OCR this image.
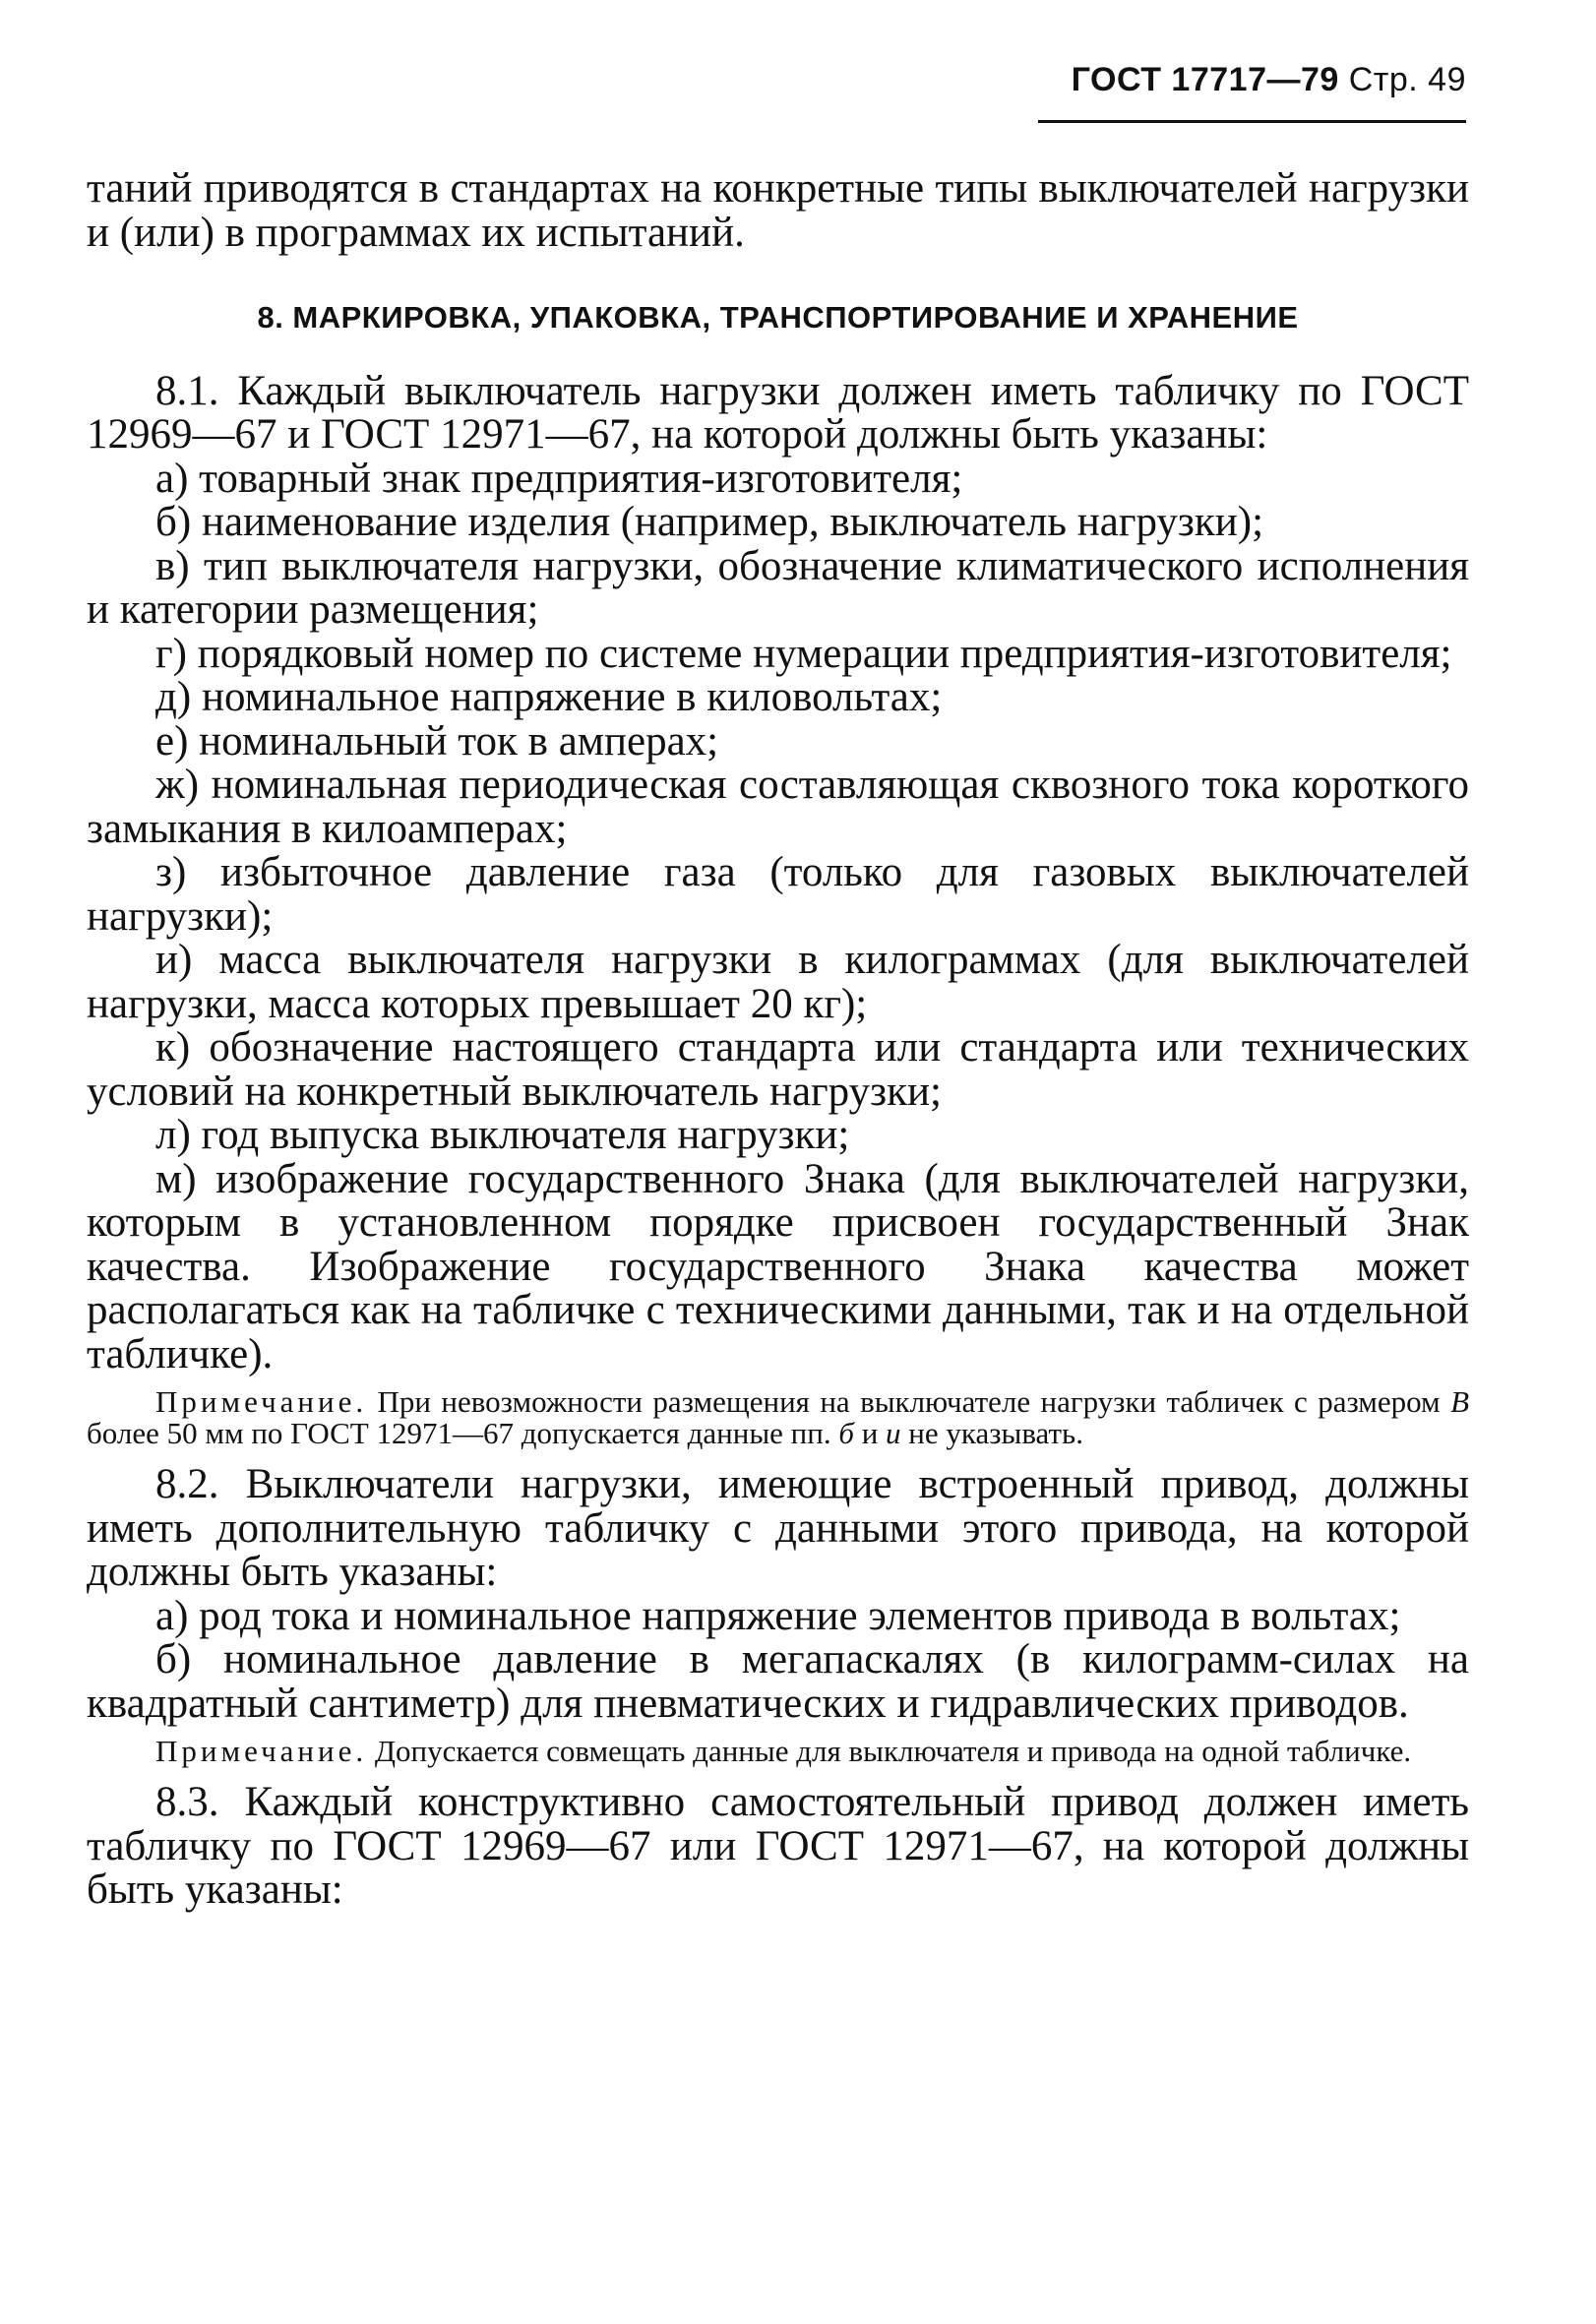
ГОСТ 17717—79 Стр. 49

таний приводятся в стандартах на конкретные типы выключателей нагрузки и (или) в программах их испытаний.

8. МАРКИРОВКА, УПАКОВКА, ТРАНСПОРТИРОВАНИЕ И ХРАНЕНИЕ

8.1. Каждый выключатель нагрузки должен иметь табличку по ГОСТ 12969—67 и ГОСТ 12971—67, на которой должны быть указаны:

а) товарный знак предприятия-изготовителя;

б) наименование изделия (например, выключатель нагрузки);

в) тип выключателя нагрузки, обозначение климатического исполнения и категории размещения;

г) порядковый номер по системе нумерации предприятия-изготовителя;

д) номинальное напряжение в киловольтах;

е) номинальный ток в амперах;

ж) номинальная периодическая составляющая сквозного тока короткого замыкания в килоамперах;

з) избыточное давление газа (только для газовых выключателей нагрузки);

и) масса выключателя нагрузки в килограммах (для выключателей нагрузки, масса которых превышает 20 кг);

к) обозначение настоящего стандарта или стандарта или технических условий на конкретный выключатель нагрузки;

л) год выпуска выключателя нагрузки;

м) изображение государственного Знака (для выключателей нагрузки, которым в установленном порядке присвоен государственный Знак качества. Изображение государственного Знака качества может располагаться как на табличке с техническими данными, так и на отдельной табличке).

Примечание. При невозможности размещения на выключателе нагрузки табличек с размером В более 50 мм по ГОСТ 12971—67 допускается данные пп. б и и не указывать.

8.2. Выключатели нагрузки, имеющие встроенный привод, должны иметь дополнительную табличку с данными этого привода, на которой должны быть указаны:

а) род тока и номинальное напряжение элементов привода в вольтах;

б) номинальное давление в мегапаскалях (в килограмм-силах на квадратный сантиметр) для пневматических и гидравлических приводов.

Примечание. Допускается совмещать данные для выключателя и привода на одной табличке.

8.3. Каждый конструктивно самостоятельный привод должен иметь табличку по ГОСТ 12969—67 или ГОСТ 12971—67, на которой должны быть указаны:
